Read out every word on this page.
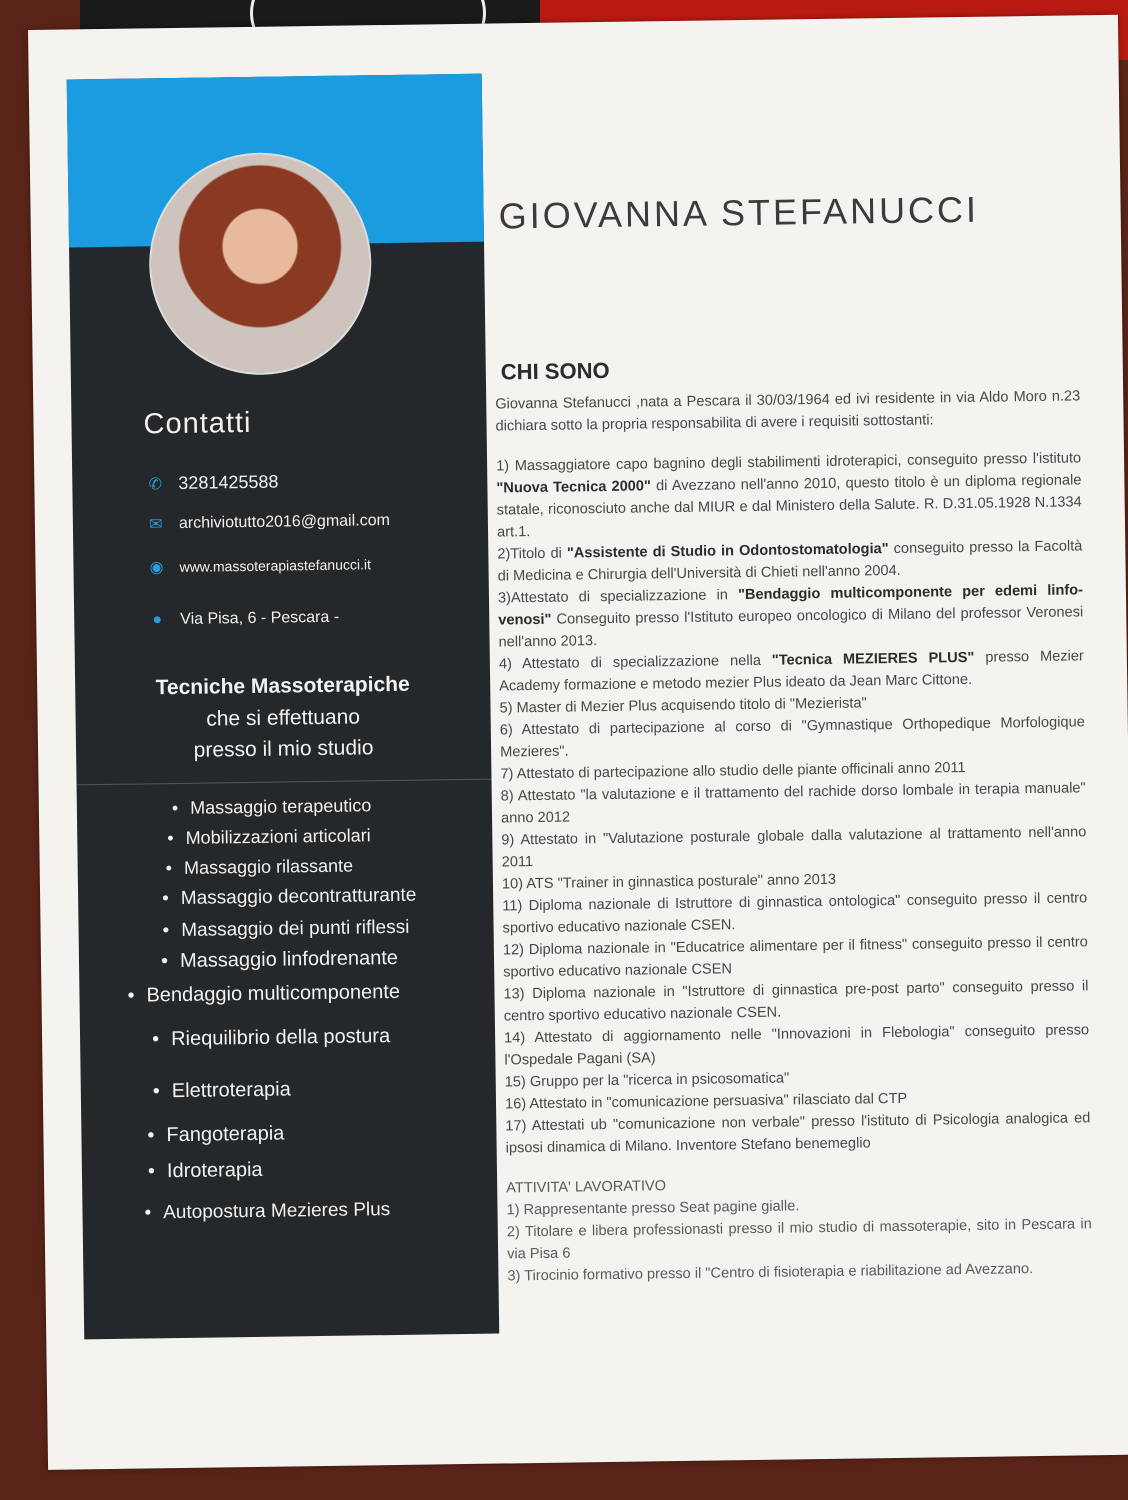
Contatti
✆ 3281425588
✉	archiviotutto2016@gmail.com
◉	www.massoterapiastefanucci.it
●	Via Pisa, 6 - Pescara -
Tecniche Massoterapiche
che si effettuano
presso il mio studio
• Massaggio terapeutico
• Mobilizzazioni articolari
• Massaggio rilassante
• Massaggio decontratturante
• Massaggio dei punti riflessi
• Massaggio linfodrenante
• Bendaggio multicomponente
• Riequilibrio della postura
• Elettroterapia
• Fangoterapia
• Idroterapia
• Autopostura Mezieres Plus
GIOVANNA STEFANUCCI
CHI SONO

Giovanna Stefanucci ,nata a Pescara il 30/03/1964 ed ivi residente in via Aldo Moro n.23 dichiara sotto la propria responsabilita di avere i requisiti sottostanti:

1) Massaggiatore capo bagnino degli stabilimenti idroterapici, conseguito presso l'istituto "Nuova Tecnica 2000" di Avezzano nell'anno 2010, questo titolo è un diploma regionale statale, riconosciuto anche dal MIUR e dal Ministero della Salute. R. D.31.05.1928 N.1334 art.1.

2)Titolo di "Assistente di Studio in Odontostomatologia" conseguito presso la Facoltà di Medicina e Chirurgia dell'Università di Chieti nell'anno 2004.

3)Attestato di specializzazione in "Bendaggio multicomponente per edemi linfo-venosi" Conseguito presso l'Istituto europeo oncologico di Milano del professor Veronesi nell'anno 2013.

4) Attestato di specializzazione nella "Tecnica MEZIERES PLUS" presso Mezier Academy formazione e metodo mezier Plus ideato da Jean Marc Cittone.

5) Master di Mezier Plus acquisendo titolo di "Mezierista"

6) Attestato di partecipazione al corso di "Gymnastique Orthopedique Morfologique Mezieres".

7) Attestato di partecipazione allo studio delle piante officinali anno 2011

8) Attestato "la valutazione e il trattamento del rachide dorso lombale in terapia manuale" anno 2012

9) Attestato in "Valutazione posturale globale dalla valutazione al trattamento nell'anno 2011

10) ATS "Trainer in ginnastica posturale" anno 2013

11) Diploma nazionale di Istruttore di ginnastica ontologica" conseguito presso il centro sportivo educativo nazionale CSEN.

12) Diploma nazionale in "Educatrice alimentare per il fitness" conseguito presso il centro sportivo educativo nazionale CSEN

13) Diploma nazionale in "Istruttore di ginnastica pre-post parto" conseguito presso il centro sportivo educativo nazionale CSEN.

14) Attestato di aggiornamento nelle "Innovazioni in Flebologia" conseguito presso l'Ospedale Pagani (SA)

15) Gruppo per la "ricerca in psicosomatica"

16) Attestato in "comunicazione persuasiva" rilasciato dal CTP

17) Attestati ub "comunicazione non verbale" presso l'istituto di Psicologia analogica ed ipsosi dinamica di Milano. Inventore Stefano benemeglio

ATTIVITA' LAVORATIVO

1) Rappresentante presso Seat pagine gialle.

2) Titolare e libera professionasti presso il mio studio di massoterapie, sito in Pescara in via Pisa 6

3) Tirocinio formativo presso il "Centro di fisioterapia e riabilitazione ad Avezzano.
